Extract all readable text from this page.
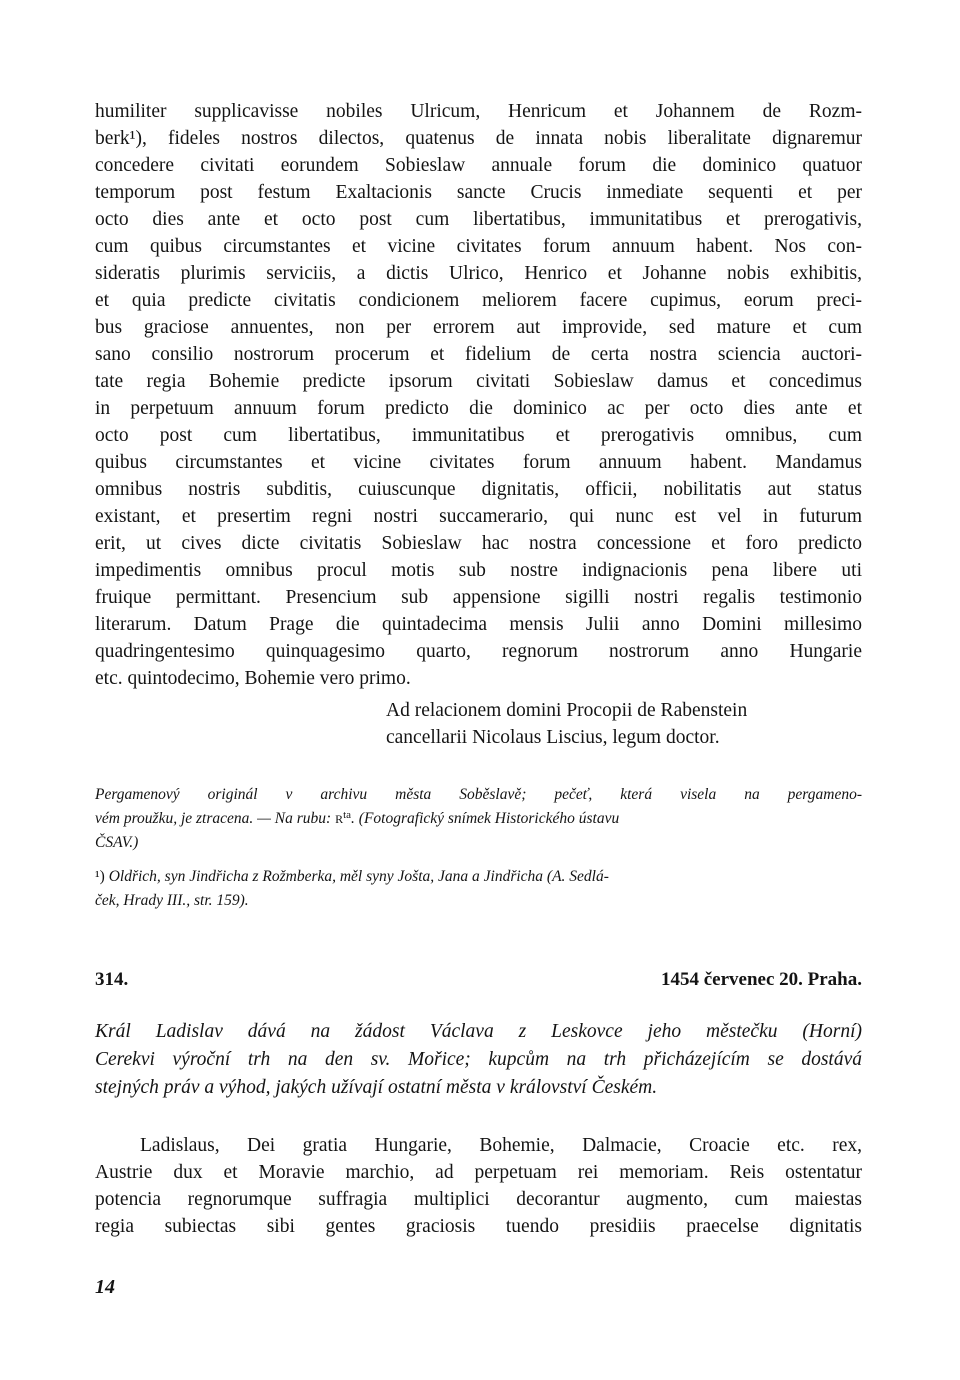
humiliter supplicavisse nobiles Ulricum, Henricum et Johannem de Rozm-
berk¹), fideles nostros dilectos, quatenus de innata nobis liberalitate dignaremur
concedere civitati eorundem Sobieslaw annuale forum die dominico quatuor
temporum post festum Exaltacionis sancte Crucis inmediate sequenti et per
octo dies ante et octo post cum libertatibus, immunitatibus et prerogativis,
cum quibus circumstantes et vicine civitates forum annuum habent. Nos con-
sideratis plurimis serviciis, a dictis Ulrico, Henrico et Johanne nobis exhibitis,
et quia predicte civitatis condicionem meliorem facere cupimus, eorum preci-
bus graciose annuentes, non per errorem aut improvide, sed mature et cum
sano consilio nostrorum procerum et fidelium de certa nostra sciencia auctori-
tate regia Bohemie predicte ipsorum civitati Sobieslaw damus et concedimus
in perpetuum annuum forum predicto die dominico ac per octo dies ante et
octo post cum libertatibus, immunitatibus et prerogativis omnibus, cum
quibus circumstantes et vicine civitates forum annuum habent. Mandamus
omnibus nostris subditis, cuiuscunque dignitatis, officii, nobilitatis aut status
existant, et presertim regni nostri succamerario, qui nunc est vel in futurum
erit, ut cives dicte civitatis Sobieslaw hac nostra concessione et foro predicto
impedimentis omnibus procul motis sub nostre indignacionis pena libere uti
fruique permittant. Presencium sub appensione sigilli nostri regalis testimonio
literarum. Datum Prage die quintadecima mensis Julii anno Domini millesimo
quadringentesimo quinquagesimo quarto, regnorum nostrorum anno Hungarie
etc. quintodecimo, Bohemie vero primo.
Ad relacionem domini Procopii de Rabenstein
cancellarii Nicolaus Liscius, legum doctor.
Pergamenový originál v archivu města Soběslavě; pečeť, která visela na pergameno-
vém proužku, je ztracena. — Na rubu: $R^{ta}$. (Fotografický snímek Historického ústavu
ČSAV.)
¹) Oldřich, syn Jindřicha z Rožmberka, měl syny Jošta, Jana a Jindřicha (A. Sedlá-
ček, Hrady III., str. 159).
314.	1454 červenec 20. Praha.
Král Ladislav dává na žádost Václava z Leskovce jeho městečku (Horní)
Cerekvi výroční trh na den sv. Mořice; kupcům na trh přicházejícím se dostává
stejných práv a výhod, jakých užívají ostatní města v království Českém.
Ladislaus, Dei gratia Hungarie, Bohemie, Dalmacie, Croacie etc. rex,
Austrie dux et Moravie marchio, ad perpetuam rei memoriam. Reis ostentatur
potencia regnorumque suffragia multiplici decorantur augmento, cum maiestas
regia subiectas sibi gentes graciosis tuendo presidiis praecelse dignitatis
14
